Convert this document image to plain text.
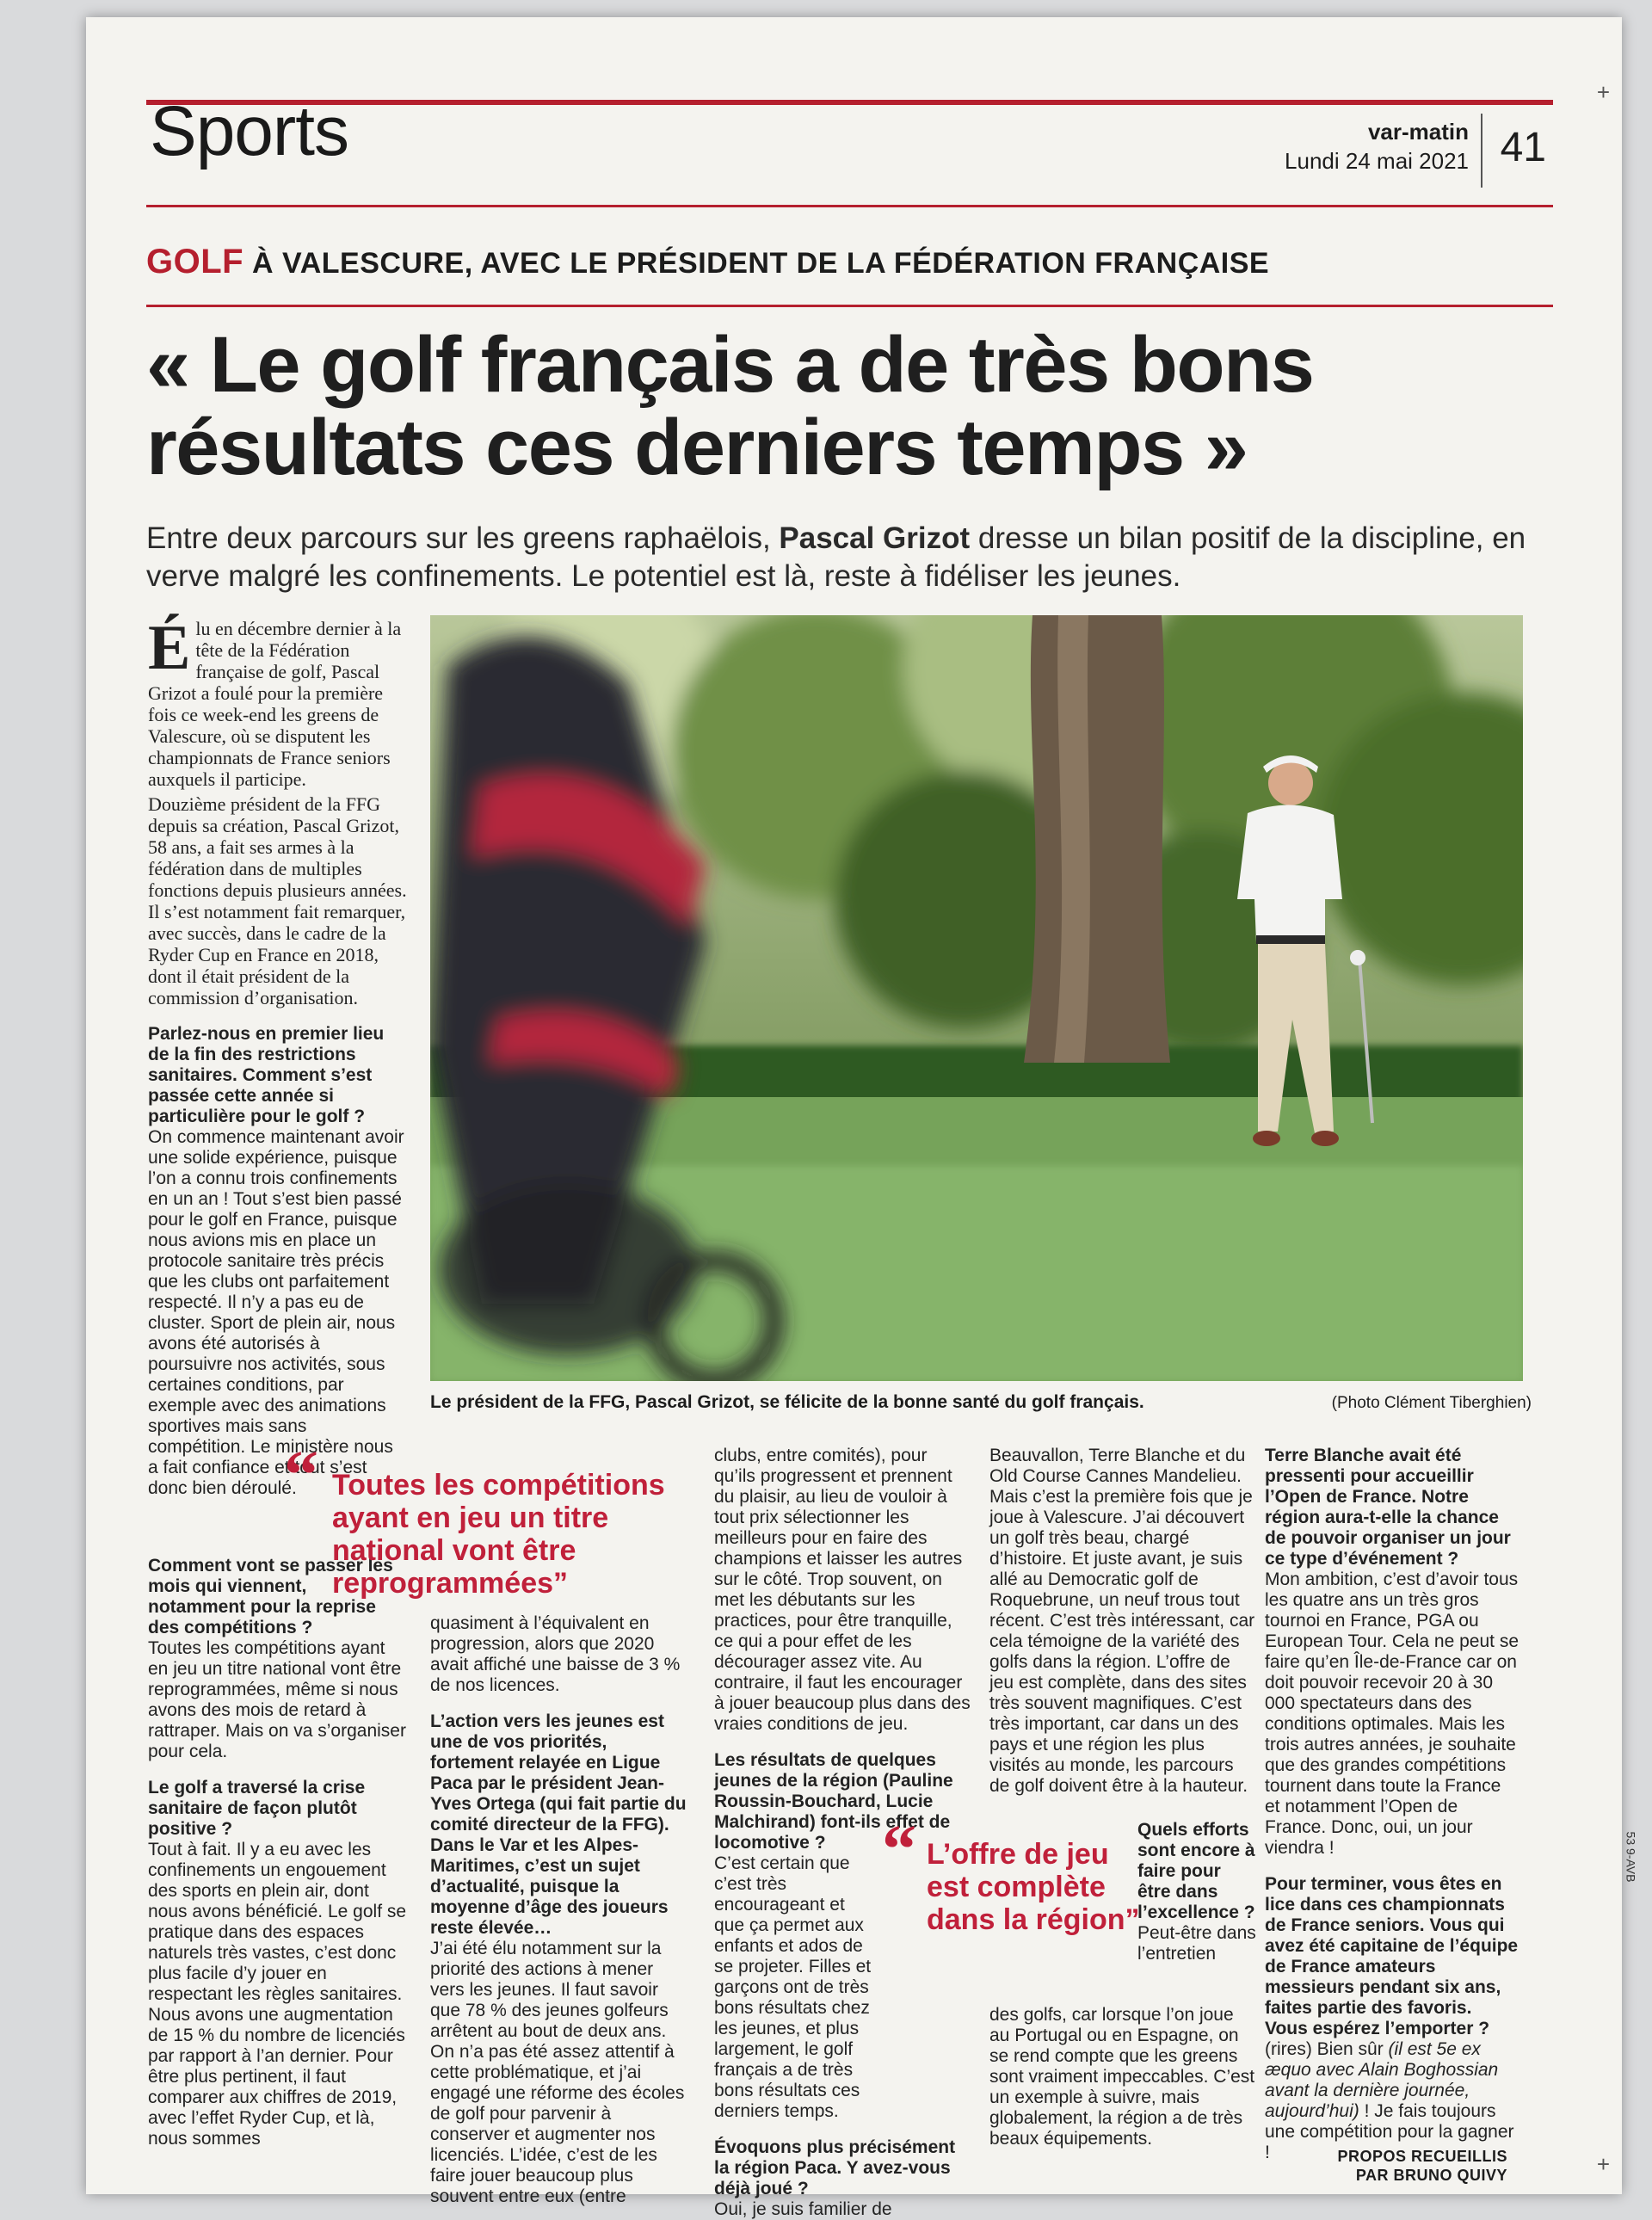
+
+
53 9-AVB
Sports	var-matin
Lundi 24 mai 2021 41
GOLF À VALESCURE, AVEC LE PRÉSIDENT DE LA FÉDÉRATION FRANÇAISE
« Le golf français a de très bons résultats ces derniers temps »
Entre deux parcours sur les greens raphaëlois, Pascal Grizot dresse un bilan positif de la discipline, en verve malgré les confinements. Le potentiel est là, reste à fidéliser les jeunes.

Élu en décembre dernier à la tête de la Fédération française de golf, Pascal Grizot a foulé pour la première fois ce week-end les greens de Valescure, où se disputent les championnats de France seniors auxquels il participe.

Douzième président de la FFG depuis sa création, Pascal Grizot, 58 ans, a fait ses armes à la fédération dans de multiples fonctions depuis plusieurs années. Il s’est notamment fait remarquer, avec succès, dans le cadre de la Ryder Cup en France en 2018, dont il était président de la commission d’organisation.

Parlez-nous en premier lieu de la fin des restrictions sanitaires. Comment s’est passée cette année si particulière pour le golf ?

On commence maintenant avoir une solide expérience, puisque l’on a connu trois confinements en un an ! Tout s’est bien passé pour le golf en France, puisque nous avions mis en place un protocole sanitaire très précis que les clubs ont parfaitement respecté. Il n’y a pas eu de cluster. Sport de plein air, nous avons été autorisés à poursuivre nos activités, sous certaines conditions, par exemple avec des animations sportives mais sans compétition. Le ministère nous a fait confiance et tout s’est donc bien déroulé.

Le président de la FFG, Pascal Grizot, se félicite de la bonne santé du golf français.	(Photo Clément Tiberghien)

Comment vont se passer les mois qui viennent, notamment pour la reprise des compétitions ?

Toutes les compétitions ayant en jeu un titre national vont être reprogrammées, même si nous avons des mois de retard à rattraper. Mais on va s’organiser pour cela.

Le golf a traversé la crise sanitaire de façon plutôt positive ?

Tout à fait. Il y a eu avec les confinements un engouement des sports en plein air, dont nous avons bénéficié. Le golf se pratique dans des espaces naturels très vastes, c’est donc plus facile d’y jouer en respectant les règles sanitaires. Nous avons une augmentation de 15 % du nombre de licenciés par rapport à l’an dernier. Pour être plus pertinent, il faut comparer aux chiffres de 2019, avec l’effet Ryder Cup, et là, nous sommes

“ Toutes les compétitions ayant en jeu un titre national vont être reprogrammées”

quasiment à l’équivalent en progression, alors que 2020 avait affiché une baisse de 3 % de nos licences.

L’action vers les jeunes est une de vos priorités, fortement relayée en Ligue Paca par le président Jean-Yves Ortega (qui fait partie du comité directeur de la FFG). Dans le Var et les Alpes-Maritimes, c’est un sujet d’actualité, puisque la moyenne d’âge des joueurs reste élevée…

J’ai été élu notamment sur la priorité des actions à mener vers les jeunes. Il faut savoir que 78 % des jeunes golfeurs arrêtent au bout de deux ans. On n’a pas été assez attentif à cette problématique, et j’ai engagé une réforme des écoles de golf pour parvenir à conserver et augmenter nos licenciés. L’idée, c’est de les faire jouer beaucoup plus souvent entre eux (entre

clubs, entre comités), pour qu’ils progressent et prennent du plaisir, au lieu de vouloir à tout prix sélectionner les meilleurs pour en faire des champions et laisser les autres sur le côté. Trop souvent, on met les débutants sur les practices, pour être tranquille, ce qui a pour effet de les décourager assez vite. Au contraire, il faut les encourager à jouer beaucoup plus dans des vraies conditions de jeu.

Les résultats de quelques jeunes de la région (Pauline Roussin-Bouchard, Lucie Malchirand) font-ils effet de locomotive ?

C’est certain que c’est très encourageant et que ça permet aux enfants et ados de se projeter. Filles et garçons ont de très bons résultats chez les jeunes, et plus largement, le golf français a de très bons résultats ces derniers temps.

Évoquons plus précisément la région Paca. Y avez-vous déjà joué ?

Oui, je suis familier de

“ L’offre de jeu est complète dans la région”

Beauvallon, Terre Blanche et du Old Course Cannes Mandelieu. Mais c’est la première fois que je joue à Valescure. J’ai découvert un golf très beau, chargé d’histoire. Et juste avant, je suis allé au Democratic golf de Roquebrune, un neuf trous tout récent. C’est très intéressant, car cela témoigne de la variété des golfs dans la région. L’offre de jeu est complète, dans des sites très souvent magnifiques. C’est très important, car dans un des pays et une région les plus visités au monde, les parcours de golf doivent être à la hauteur.

Quels efforts sont encore à faire pour être dans l’excellence ?

Peut-être dans l’entretien

des golfs, car lorsque l’on joue au Portugal ou en Espagne, on se rend compte que les greens sont vraiment impeccables. C’est un exemple à suivre, mais globalement, la région a de très beaux équipements.

Terre Blanche avait été pressenti pour accueillir l’Open de France. Notre région aura-t-elle la chance de pouvoir organiser un jour ce type d’événement ?

Mon ambition, c’est d’avoir tous les quatre ans un très gros tournoi en France, PGA ou European Tour. Cela ne peut se faire qu’en Île-de-France car on doit pouvoir recevoir 20 à 30 000 spectateurs dans des conditions optimales. Mais les trois autres années, je souhaite que des grandes compétitions tournent dans toute la France et notamment l’Open de France. Donc, oui, un jour viendra !

Pour terminer, vous êtes en lice dans ces championnats de France seniors. Vous qui avez été capitaine de l’équipe de France amateurs messieurs pendant six ans, faites partie des favoris. Vous espérez l’emporter ?

(rires) Bien sûr (il est 5e ex æquo avec Alain Boghossian avant la dernière journée, aujourd’hui) ! Je fais toujours une compétition pour la gagner !	PROPOS RECUEILLIS PAR BRUNO QUIVY
